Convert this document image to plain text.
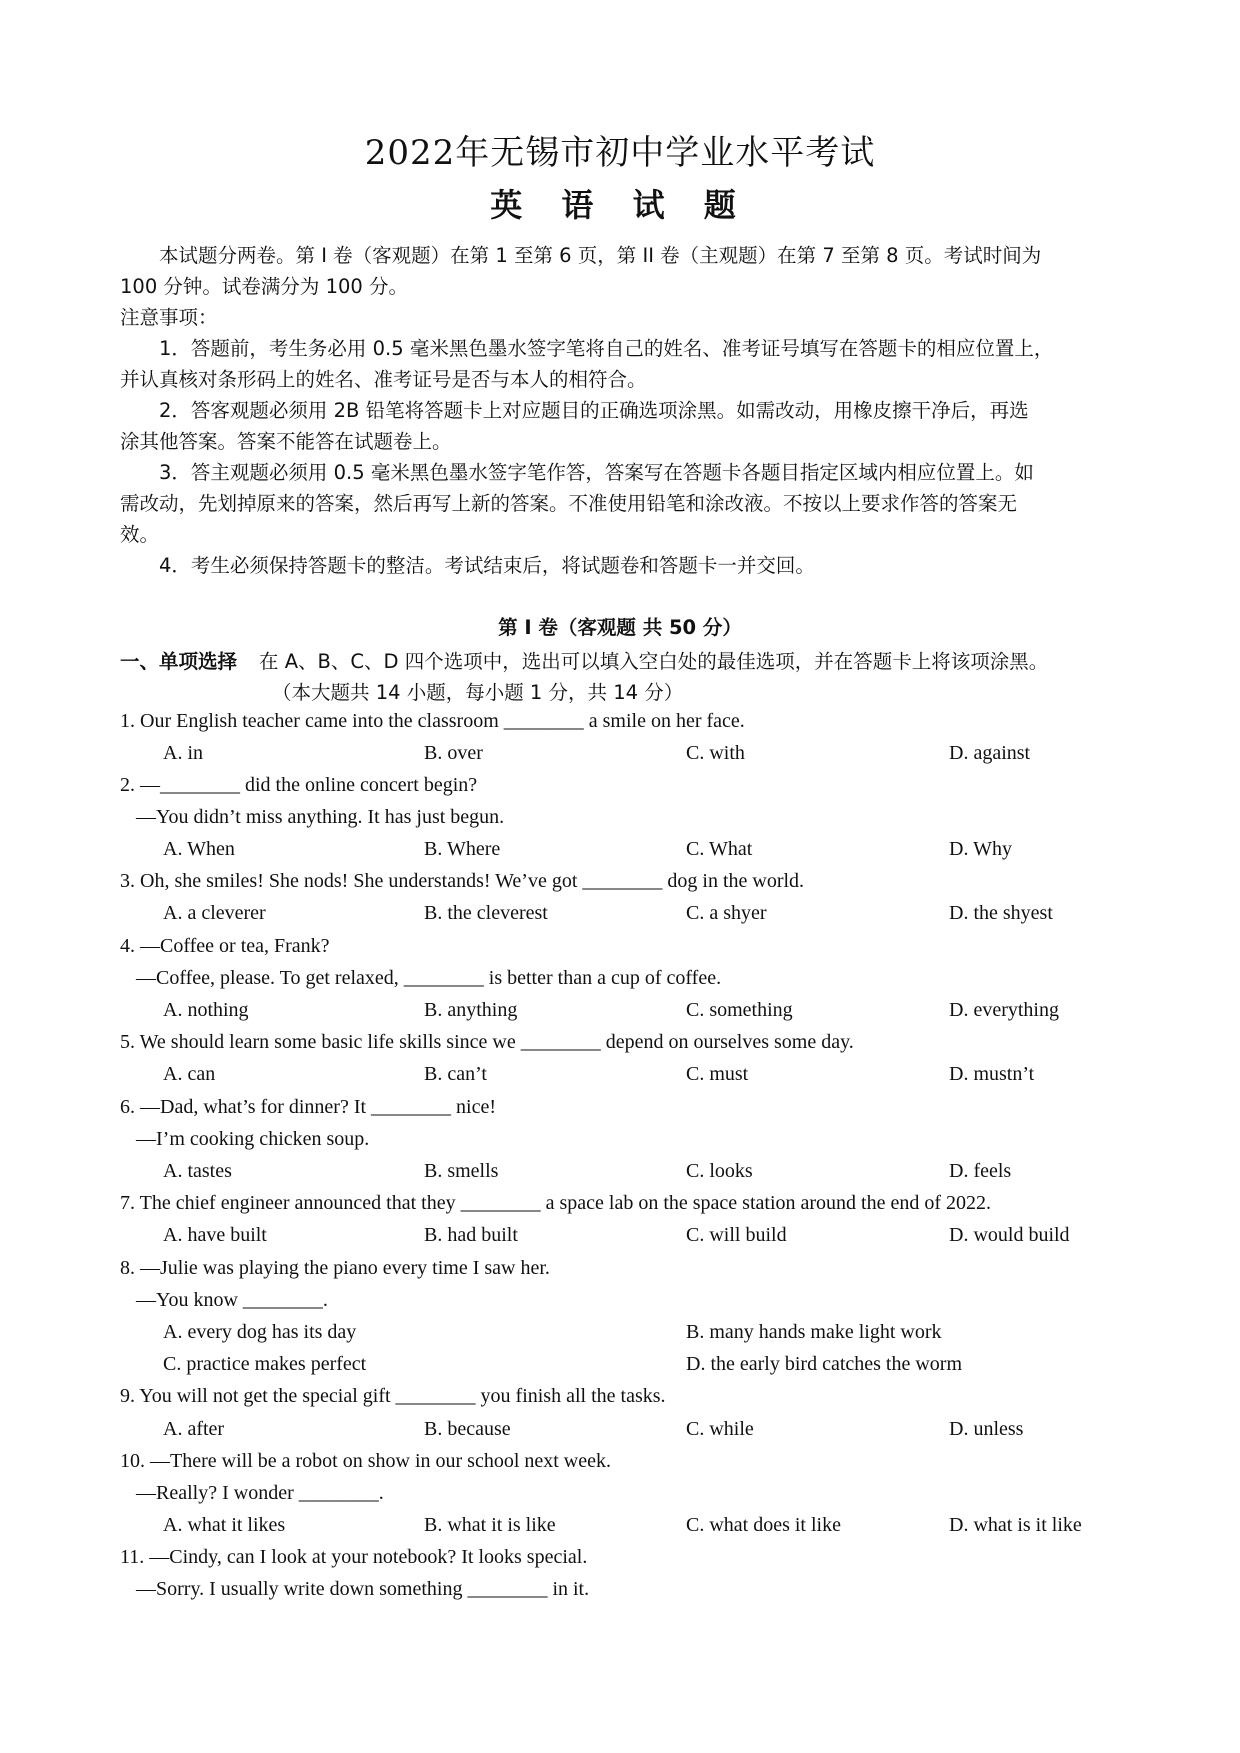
2022年无锡市初中学业水平考试
英 语 试 题

本试题分两卷。第 I 卷（客观题）在第 1 至第 6 页，第 II 卷（主观题）在第 7 至第 8 页。考试时间为

100 分钟。试卷满分为 100 分。

注意事项：

1．答题前，考生务必用 0.5 毫米黑色墨水签字笔将自己的姓名、准考证号填写在答题卡的相应位置上，

并认真核对条形码上的姓名、准考证号是否与本人的相符合。

2．答客观题必须用 2B 铅笔将答题卡上对应题目的正确选项涂黑。如需改动，用橡皮擦干净后，再选

涂其他答案。答案不能答在试题卷上。

3．答主观题必须用 0.5 毫米黑色墨水签字笔作答，答案写在答题卡各题目指定区域内相应位置上。如

需改动，先划掉原来的答案，然后再写上新的答案。不准使用铅笔和涂改液。不按以上要求作答的答案无

效。

4．考生必须保持答题卡的整洁。考试结束后，将试题卷和答题卡一并交回。

第 I 卷（客观题 共 50 分）
一、单项选择 在 A、B、C、D 四个选项中，选出可以填入空白处的最佳选项，并在答题卡上将该项涂黑。
（本大题共 14 小题，每小题 1 分，共 14 分）
1. Our English teacher came into the classroom ________ a smile on her face.
A. in	B. over	C. with	D. against
2. —________ did the online concert begin?
—You didn’t miss anything. It has just begun.
A. When	B. Where	C. What	D. Why
3. Oh, she smiles! She nods! She understands! We’ve got ________ dog in the world.
A. a cleverer	B. the cleverest	C. a shyer	D. the shyest
4. —Coffee or tea, Frank?
—Coffee, please. To get relaxed, ________ is better than a cup of coffee.
A. nothing	B. anything	C. something	D. everything
5. We should learn some basic life skills since we ________ depend on ourselves some day.
A. can	B. can’t	C. must	D. mustn’t
6. —Dad, what’s for dinner? It ________ nice!
—I’m cooking chicken soup.
A. tastes	B. smells	C. looks	D. feels
7. The chief engineer announced that they ________ a space lab on the space station around the end of 2022.
A. have built	B. had built	C. will build	D. would build
8. —Julie was playing the piano every time I saw her.
—You know ________.
A. every dog has its day	B. many hands make light work
C. practice makes perfect	D. the early bird catches the worm
9. You will not get the special gift ________ you finish all the tasks.
A. after	B. because	C. while	D. unless
10. —There will be a robot on show in our school next week.
—Really? I wonder ________.
A. what it likes	B. what it is like	C. what does it like	D. what is it like
11. —Cindy, can I look at your notebook? It looks special.
—Sorry. I usually write down something ________ in it.
